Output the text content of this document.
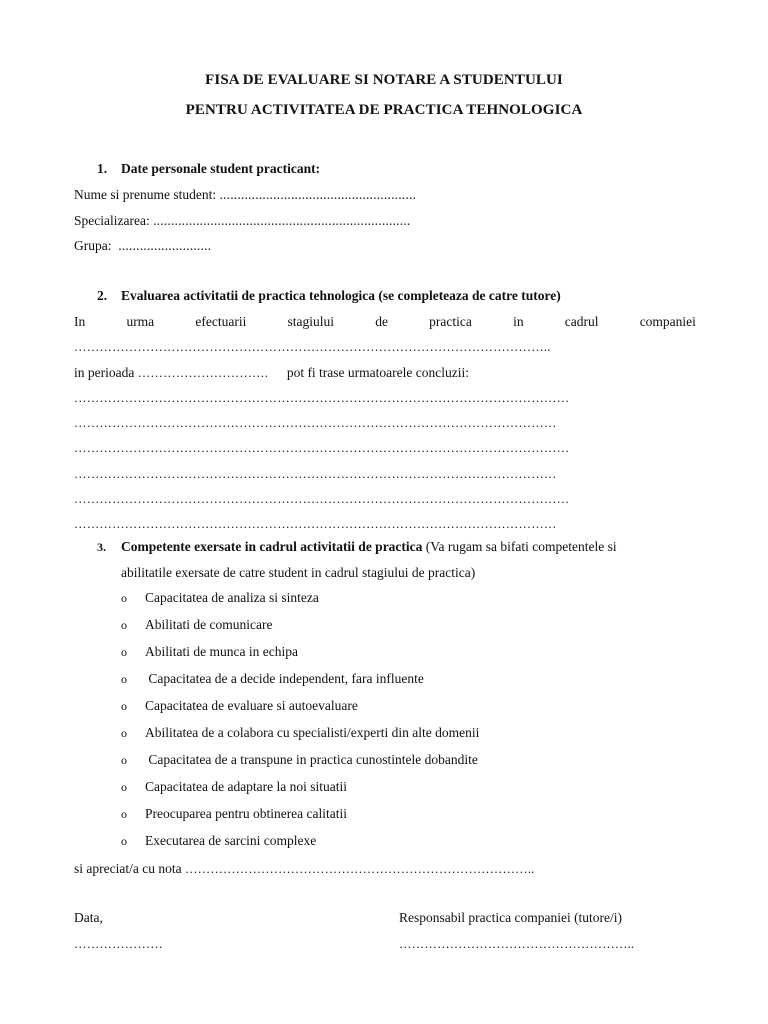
FISA DE EVALUARE SI NOTARE A STUDENTULUI
PENTRU ACTIVITATEA DE PRACTICA TEHNOLOGICA
1. Date personale student practicant:
Nume si prenume student: .......................................................
Specializarea: ........................................................................
Grupa: ..........................
2. Evaluarea activitatii de practica tehnologica (se completeaza de catre tutore)
In	urma	efectuarii	stagiului	de	practica	in	cadrul	companiei
…………………………………………………………………………………………………..
in perioada …………………………. pot fi trase urmatoarele concluzii:
………………………………………………………………………………………………………
……………………………………………………………………………………………………
………………………………………………………………………………………………………
……………………………………………………………………………………………………
………………………………………………………………………………………………………
……………………………………………………………………………………………………
3. Competente exersate in cadrul activitatii de practica (Va rugam sa bifati competentele si
abilitatile exersate de catre student in cadrul stagiului de practica)
o Capacitatea de analiza si sinteza
o Abilitati de comunicare
o Abilitati de munca in echipa
o Capacitatea de a decide independent, fara influente
o Capacitatea de evaluare si autoevaluare
o Abilitatea de a colabora cu specialisti/experti din alte domenii
o Capacitatea de a transpune in practica cunostintele dobandite
o Capacitatea de adaptare la noi situatii
o Preocuparea pentru obtinerea calitatii
o Executarea de sarcini complexe
si apreciat/a cu nota ………………………………………………………………………..
Data,
…………………
Responsabil practica companiei (tutore/i)
………………………………………………..
